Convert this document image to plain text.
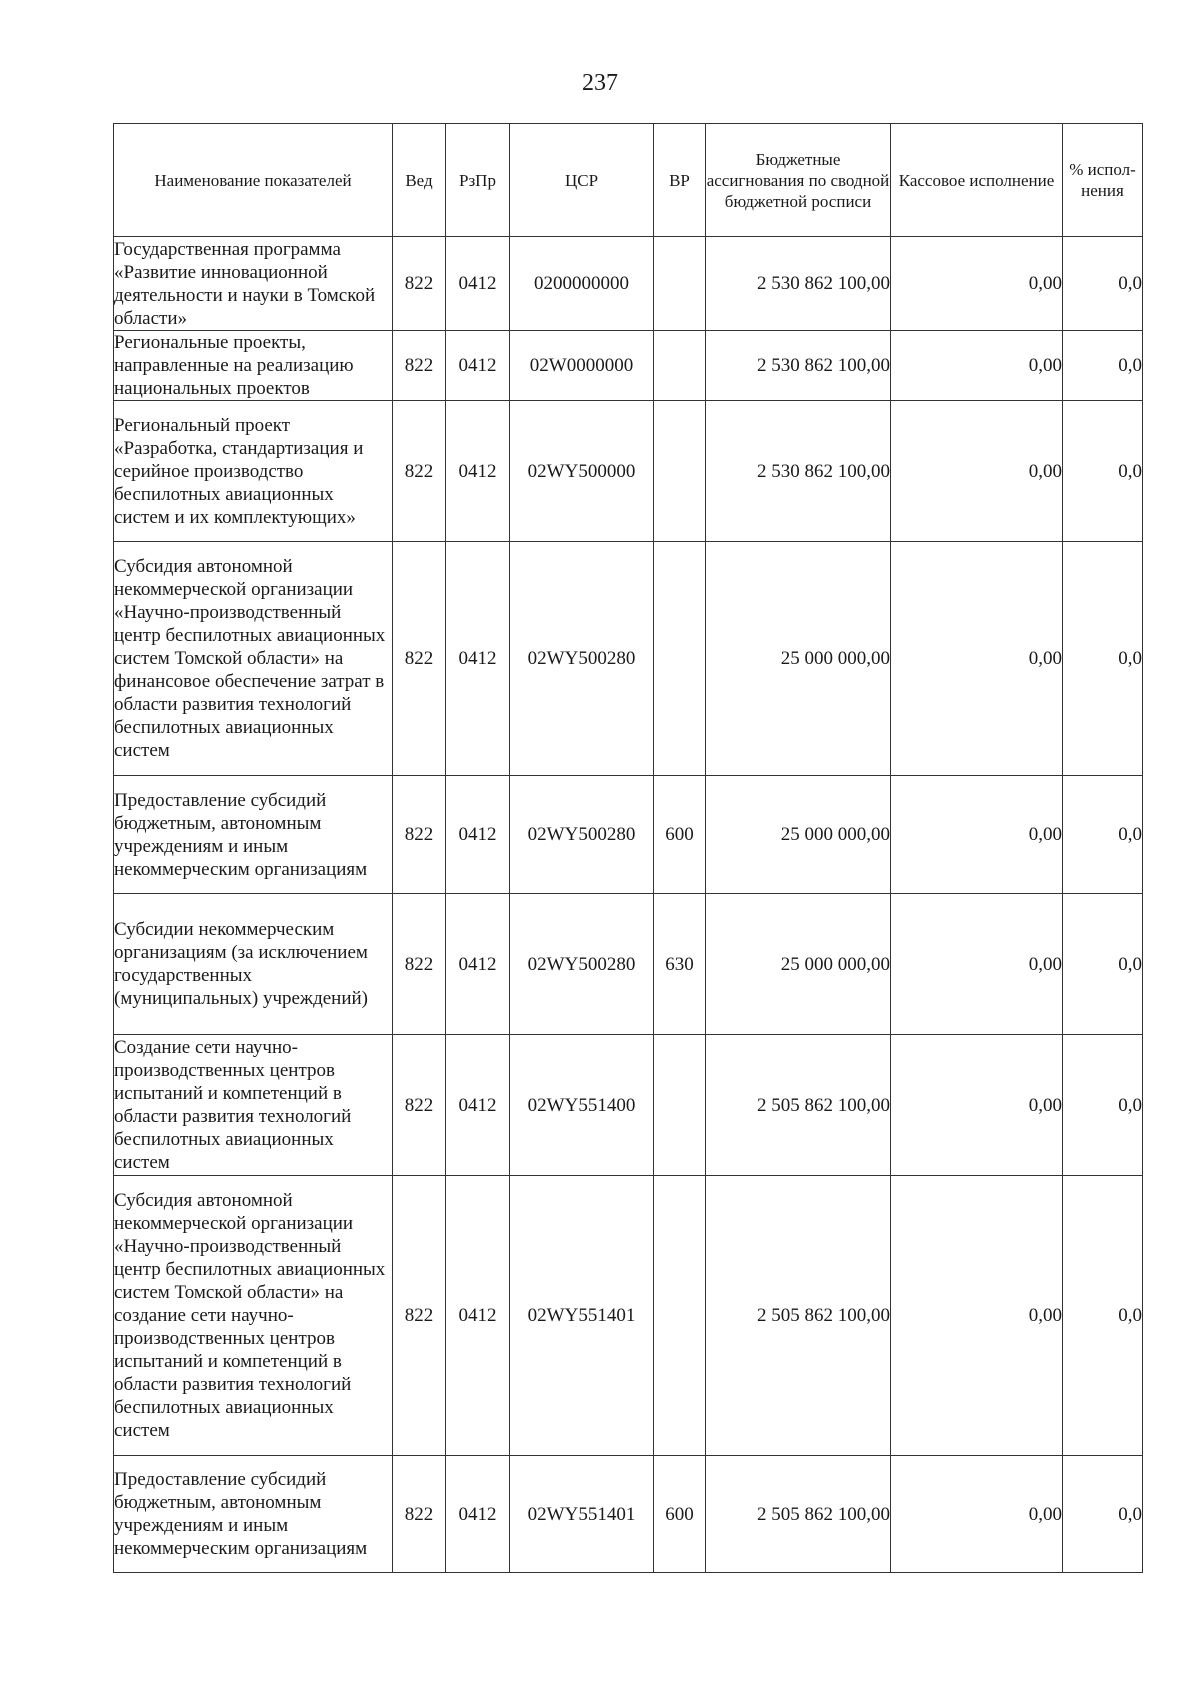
237
Наименование показателей	Вед	РзПр	ЦСР	ВР	Бюджетные ассигнования по сводной бюджетной росписи	Кассовое исполнение	% испол-нения
Государственная программа «Развитие инновационной деятельности и науки в Томской области»	822	0412	0200000000		2 530 862 100,00	0,00	0,0
Региональные проекты, направленные на реализацию национальных проектов	822	0412	02W0000000		2 530 862 100,00	0,00	0,0
Региональный проект «Разработка, стандартизация и серийное производство беспилотных авиационных систем и их комплектующих»	822	0412	02WY500000		2 530 862 100,00	0,00	0,0
Субсидия автономной некоммерческой организации «Научно-производственный центр беспилотных авиационных систем Томской области» на финансовое обеспечение затрат в области развития технологий беспилотных авиационных систем	822	0412	02WY500280		25 000 000,00	0,00	0,0
Предоставление субсидий бюджетным, автономным учреждениям и иным некоммерческим организациям	822	0412	02WY500280	600	25 000 000,00	0,00	0,0
Субсидии некоммерческим организациям (за исключением государственных (муниципальных) учреждений)	822	0412	02WY500280	630	25 000 000,00	0,00	0,0
Создание сети научно-производственных центров испытаний и компетенций в области развития технологий беспилотных авиационных систем	822	0412	02WY551400		2 505 862 100,00	0,00	0,0
Субсидия автономной некоммерческой организации «Научно-производственный центр беспилотных авиационных систем Томской области» на создание сети научно-производственных центров испытаний и компетенций в области развития технологий беспилотных авиационных систем	822	0412	02WY551401		2 505 862 100,00	0,00	0,0
Предоставление субсидий бюджетным, автономным учреждениям и иным некоммерческим организациям	822	0412	02WY551401	600	2 505 862 100,00	0,00	0,0
